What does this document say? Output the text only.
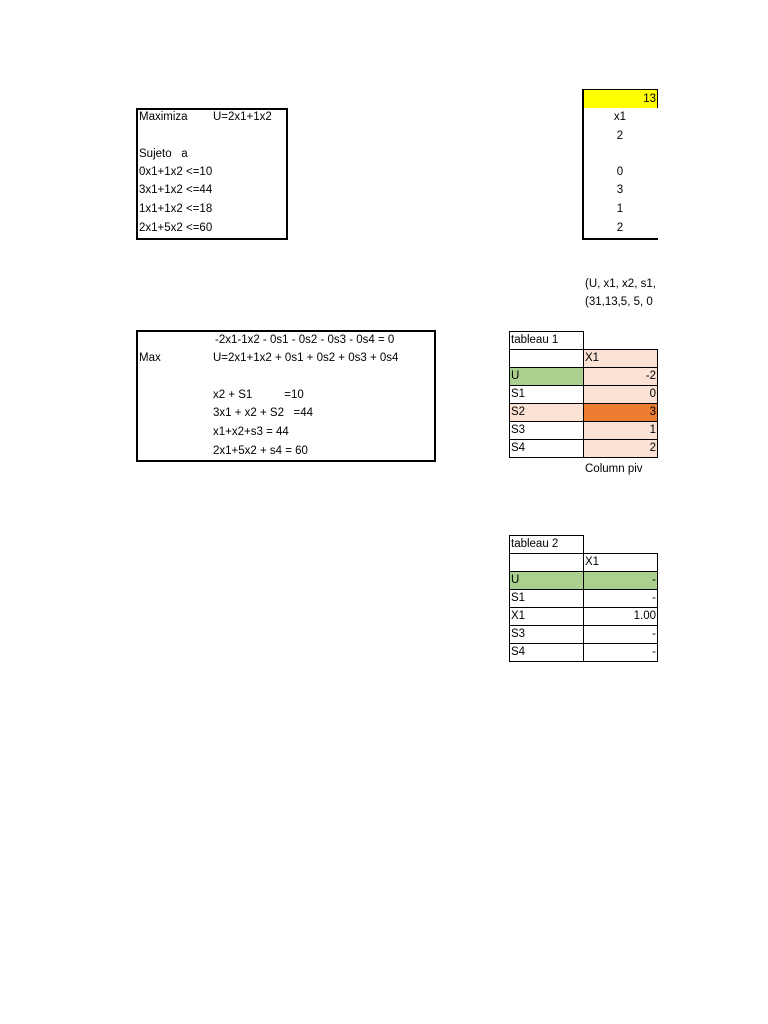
Maximiza U=2x1+1x2
Sujeto   a
0x1+1x2 <=10
3x1+1x2 <=44
1x1+1x2 <=18
2x1+5x2 <=60
13
x1
2
0
3
1
2
(U, x1, x2, s1,
(31,13,5, 5, 0
-2x1-1x2 - 0s1 - 0s2 - 0s3 - 0s4 = 0
Max	U=2x1+1x2 + 0s1 + 0s2 + 0s3 + 0s4
x2 + S1          =10
3x1 + x2 + S2   =44
x1+x2+s3 = 44
2x1+5x2 + s4 = 60
tableau 1	
	X1
U	-2
S1	0
S2	3
S3	1
S4	2
Column piv
tableau 2	
	X1
U	-
S1	-
X1	1.00
S3	-
S4	-
